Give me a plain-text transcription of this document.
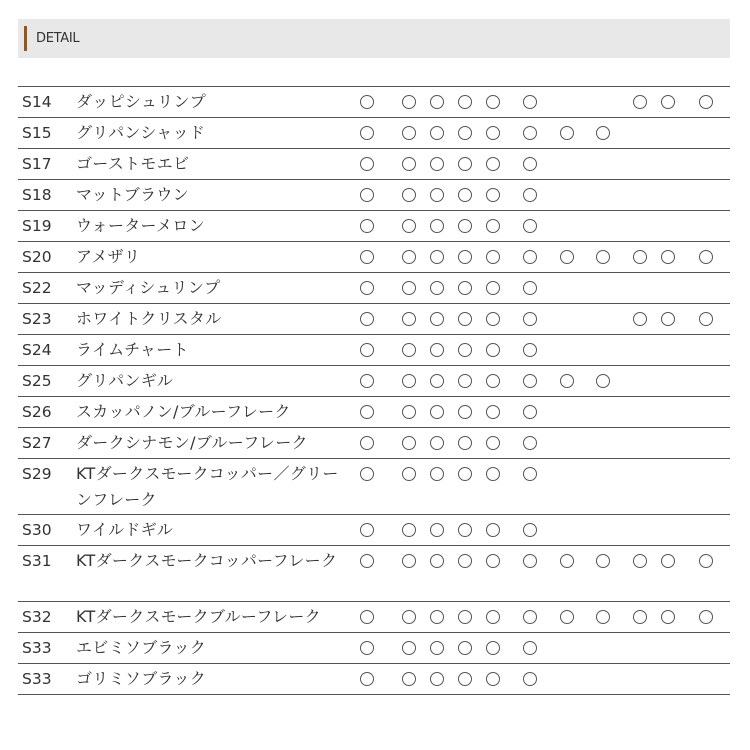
DETAIL
S14 ダッピシュリンプ
S15 グリパンシャッド
S17 ゴーストモエビ
S18 マットブラウン
S19 ウォーターメロン
S20 アメザリ
S22 マッディシュリンプ
S23 ホワイトクリスタル
S24 ライムチャート
S25 グリパンギル
S26 スカッパノン/ブルーフレーク
S27 ダークシナモン/ブルーフレーク
S29 KTダークスモークコッパー／グリーンフレーク
S30 ワイルドギル
S31 KTダークスモークコッパーフレーク
S32 KTダークスモークブルーフレーク
S33 エビミソブラック
S33 ゴリミソブラック
